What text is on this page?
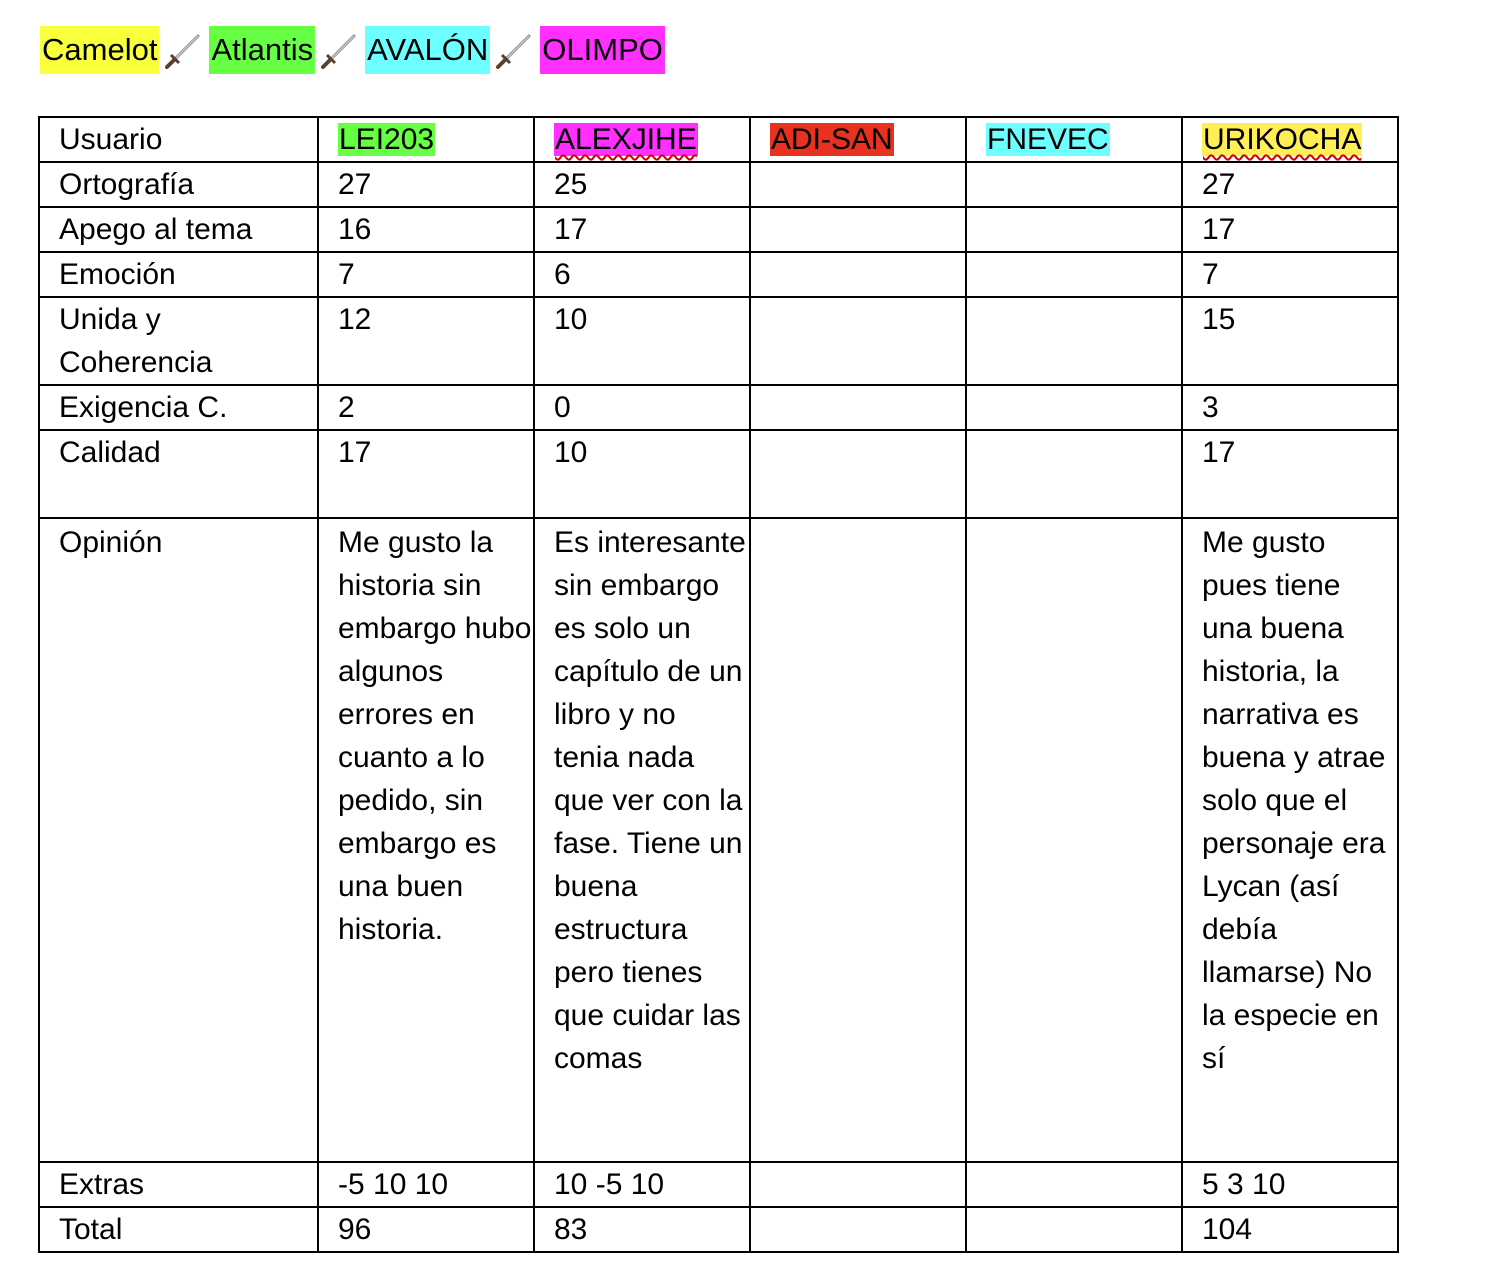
Camelot Atlantis AVALÓN OLIMPO
Usuario	LEI203	ALEXJIHE	ADI-SAN	FNEVEC	URIKOCHA
Ortografía	27	25			27
Apego al tema	16	17			17
Emoción	7	6			7
Unida y Coherencia	12	10			15
Exigencia C.	2	0			3
Calidad	17	10			17
Opinión	Me gusto la historia sin embargo hubo algunos errores en cuanto a lo pedido, sin embargo es una buen historia.	Es interesante sin embargo es solo un capítulo de un libro y no tenia nada que ver con la fase. Tiene un buena estructura pero tienes que cuidar las comas			Me gusto pues tiene una buena historia, la narrativa es buena y atrae solo que el personaje era Lycan (así debía llamarse) No la especie en sí
Extras	-5 10 10	10 -5 10			5 3 10
Total	96	83			104
